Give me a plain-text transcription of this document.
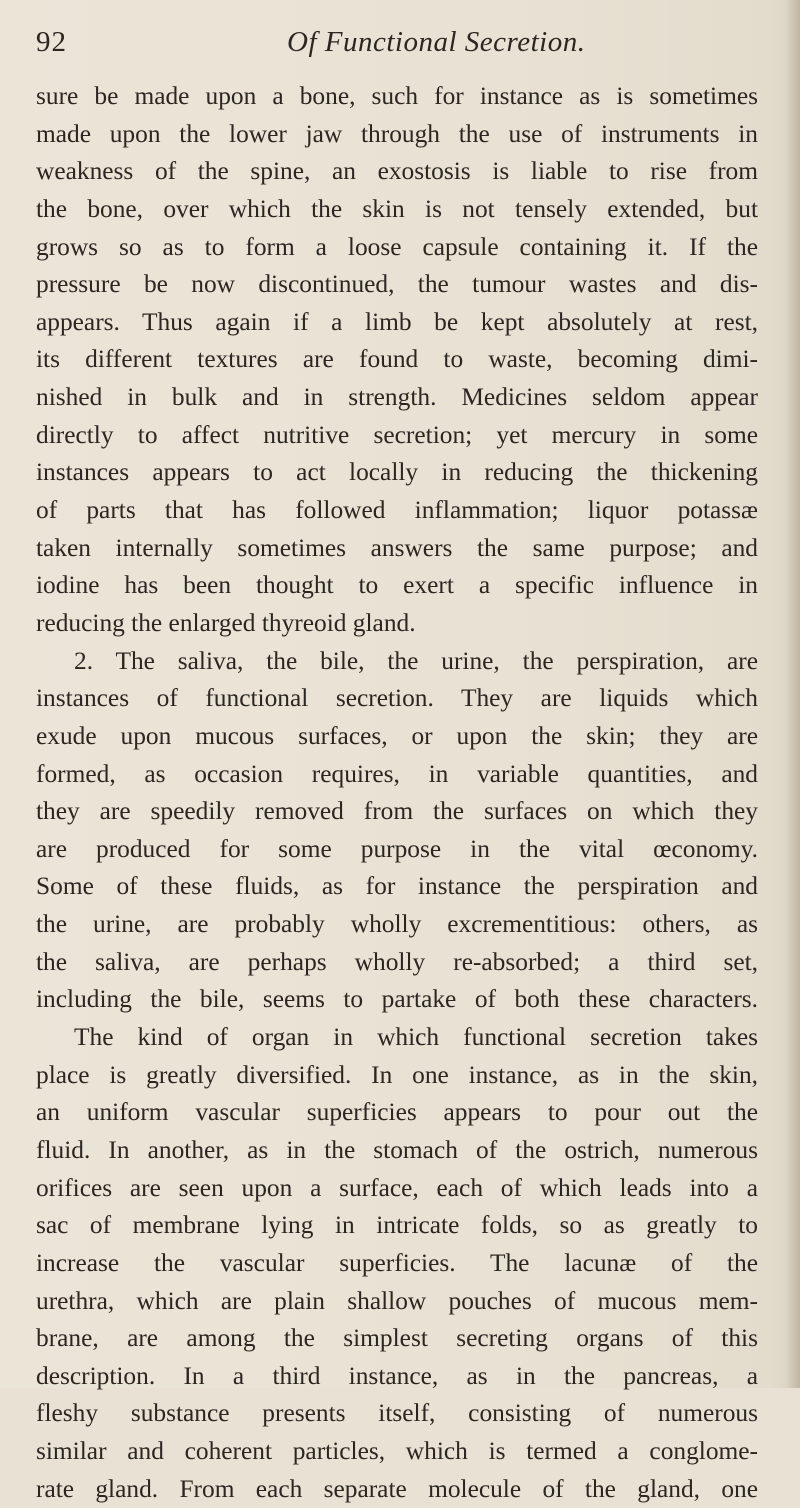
92	Of Functional Secretion.
sure be made upon a bone, such for instance as is sometimes
made upon the lower jaw through the use of instruments in
weakness of the spine, an exostosis is liable to rise from
the bone, over which the skin is not tensely extended, but
grows so as to form a loose capsule containing it. If the
pressure be now discontinued, the tumour wastes and dis-
appears. Thus again if a limb be kept absolutely at rest,
its different textures are found to waste, becoming dimi-
nished in bulk and in strength. Medicines seldom appear
directly to affect nutritive secretion; yet mercury in some
instances appears to act locally in reducing the thickening
of parts that has followed inflammation; liquor potassæ
taken internally sometimes answers the same purpose; and
iodine has been thought to exert a specific influence in
reducing the enlarged thyreoid gland.
2. The saliva, the bile, the urine, the perspiration, are
instances of functional secretion. They are liquids which
exude upon mucous surfaces, or upon the skin; they are
formed, as occasion requires, in variable quantities, and
they are speedily removed from the surfaces on which they
are produced for some purpose in the vital œconomy.
Some of these fluids, as for instance the perspiration and
the urine, are probably wholly excrementitious: others, as
the saliva, are perhaps wholly re-absorbed; a third set,
including the bile, seems to partake of both these characters.
The kind of organ in which functional secretion takes
place is greatly diversified. In one instance, as in the skin,
an uniform vascular superficies appears to pour out the
fluid. In another, as in the stomach of the ostrich, numerous
orifices are seen upon a surface, each of which leads into a
sac of membrane lying in intricate folds, so as greatly to
increase the vascular superficies. The lacunæ of the
urethra, which are plain shallow pouches of mucous mem-
brane, are among the simplest secreting organs of this
description. In a third instance, as in the pancreas, a
fleshy substance presents itself, consisting of numerous
similar and coherent particles, which is termed a conglome-
rate gland. From each separate molecule of the gland, one
